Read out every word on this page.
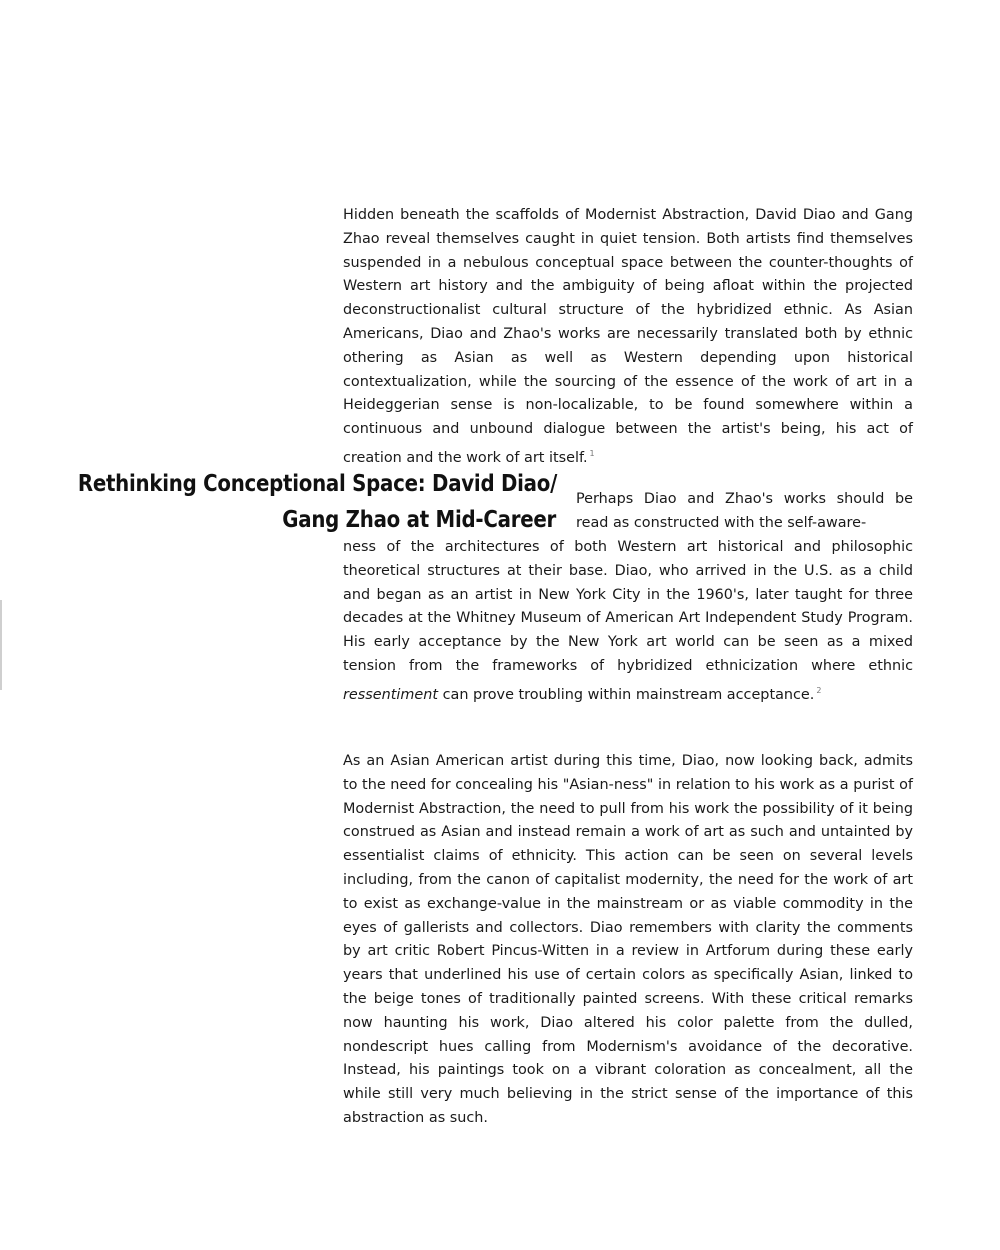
Hidden beneath the scaffolds of Modernist Abstraction, David Diao and Gang Zhao reveal themselves caught in quiet tension. Both artists find themselves suspended in a nebulous conceptual space between the counter-thoughts of Western art history and the ambiguity of being afloat within the projected deconstructionalist cultural structure of the hybridized ethnic. As Asian Americans, Diao and Zhao's works are necessarily translated both by ethnic othering as Asian as well as Western depending upon historical contextualization, while the sourcing of the essence of the work of art in a Heideggerian sense is non-localizable, to be found somewhere within a continuous and unbound dialogue between the artist's being, his act of creation and the work of art itself. $^1$

Rethinking Conceptional Space: David Diao/
Gang Zhao at Mid-Career
Perhaps Diao and Zhao's works should be read as constructed with the self-aware-

ness of the architectures of both Western art historical and philosophic theoretical structures at their base. Diao, who arrived in the U.S. as a child and began as an artist in New York City in the 1960's, later taught for three decades at the Whitney Museum of American Art Independent Study Program. His early acceptance by the New York art world can be seen as a mixed tension from the frameworks of hybridized ethnicization where ethnic ressentiment can prove troubling within mainstream acceptance. $^2$

As an Asian American artist during this time, Diao, now looking back, admits to the need for concealing his "Asian-ness" in relation to his work as a purist of Modernist Abstraction, the need to pull from his work the possibility of it being construed as Asian and instead remain a work of art as such and untainted by essentialist claims of ethnicity. This action can be seen on several levels including, from the canon of capitalist modernity, the need for the work of art to exist as exchange-value in the mainstream or as viable commodity in the eyes of gallerists and collectors. Diao remembers with clarity the comments by art critic Robert Pincus-Witten in a review in Artforum during these early years that underlined his use of certain colors as specifically Asian, linked to the beige tones of traditionally painted screens. With these critical remarks now haunting his work, Diao altered his color palette from the dulled, nondescript hues calling from Modernism's avoidance of the decorative. Instead, his paintings took on a vibrant coloration as concealment, all the while still very much believing in the strict sense of the importance of this abstraction as such.
